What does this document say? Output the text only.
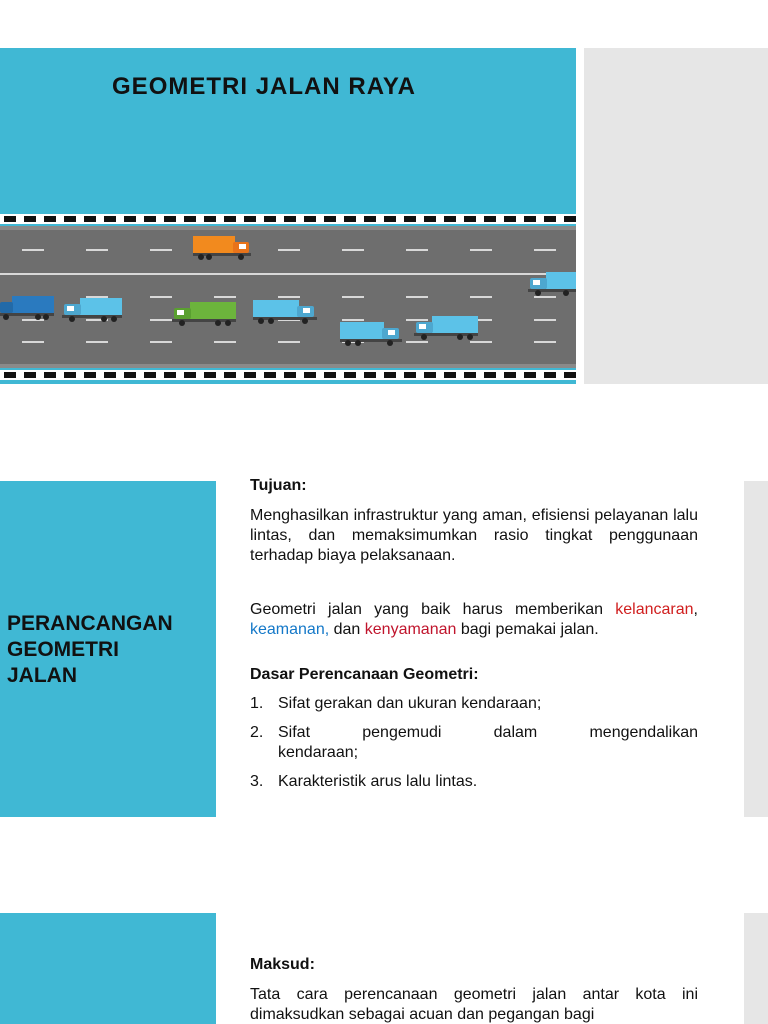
GEOMETRI JALAN RAYA
PERANCANGAN
GEOMETRI
JALAN

Tujuan:

Menghasilkan infrastruktur yang aman, efisiensi pelayanan lalu lintas, dan memaksimumkan rasio tingkat penggunaan terhadap biaya pelaksanaan.

Geometri jalan yang baik harus memberikan kelancaran, keamanan, dan kenyamanan bagi pemakai jalan.

Dasar Perencanaan Geometri:

1. Sifat gerakan dan ukuran kendaraan;
2. Sifat pengemudi dalam mengendalikan
kendaraan;
3. Karakteristik arus lalu lintas.

Maksud:

Tata cara perencanaan geometri jalan antar kota ini dimaksudkan sebagai acuan dan pegangan bagi
